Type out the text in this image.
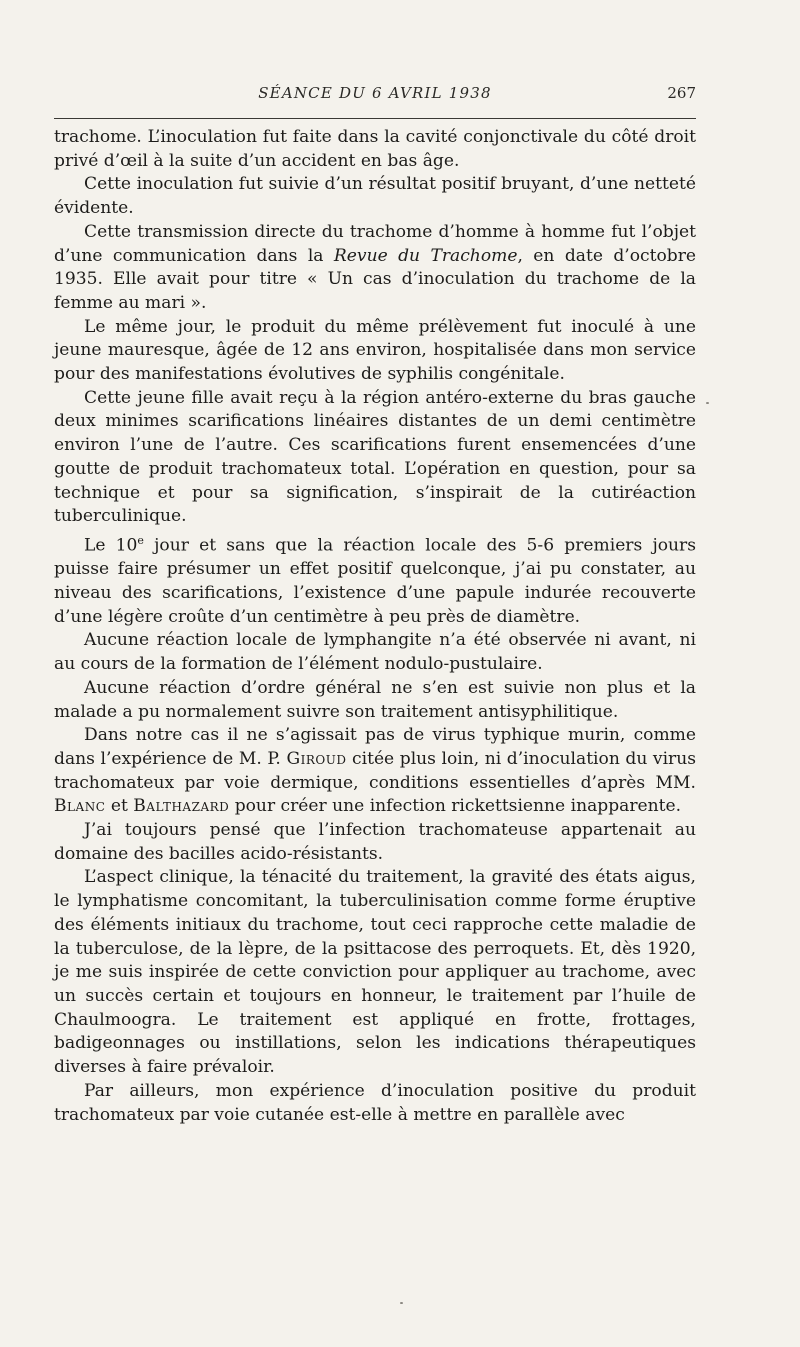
SÉANCE DU 6 AVRIL 1938	267

trachome. L’inoculation fut faite dans la cavité conjonctivale du côté droit privé d’œil à la suite d’un accident en bas âge.

Cette inoculation fut suivie d’un résultat positif bruyant, d’une netteté évidente.

Cette transmission directe du trachome d’homme à homme fut l’objet d’une communication dans la Revue du Trachome, en date d’octobre 1935. Elle avait pour titre « Un cas d’inoculation du trachome de la femme au mari ».

Le même jour, le produit du même prélèvement fut inoculé à une jeune mauresque, âgée de 12 ans environ, hospitalisée dans mon service pour des manifestations évolutives de syphilis congénitale.

Cette jeune fille avait reçu à la région antéro-externe du bras gauche deux minimes scarifications linéaires distantes de un demi centimètre environ l’une de l’autre. Ces scarifications furent ensemencées d’une goutte de produit trachomateux total. L’opération en question, pour sa technique et pour sa signification, s’inspirait de la cutiréaction tuberculinique.

Le 10e jour et sans que la réaction locale des 5-6 premiers jours puisse faire présumer un effet positif quelconque, j’ai pu constater, au niveau des scarifications, l’existence d’une papule indurée recouverte d’une légère croûte d’un centimètre à peu près de diamètre.

Aucune réaction locale de lymphangite n’a été observée ni avant, ni au cours de la formation de l’élément nodulo-pustulaire.

Aucune réaction d’ordre général ne s’en est suivie non plus et la malade a pu normalement suivre son traitement antisyphilitique.

Dans notre cas il ne s’agissait pas de virus typhique murin, comme dans l’expérience de M. P. Giroud citée plus loin, ni d’inoculation du virus trachomateux par voie dermique, conditions essentielles d’après MM. Blanc et Balthazard pour créer une infection rickettsienne inapparente.

J’ai toujours pensé que l’infection trachomateuse appartenait au domaine des bacilles acido-résistants.

L’aspect clinique, la ténacité du traitement, la gravité des états aigus, le lymphatisme concomitant, la tuberculinisation comme forme éruptive des éléments initiaux du trachome, tout ceci rapproche cette maladie de la tuberculose, de la lèpre, de la psittacose des perroquets. Et, dès 1920, je me suis inspirée de cette conviction pour appliquer au trachome, avec un succès certain et toujours en honneur, le traitement par l’huile de Chaulmoogra. Le traitement est appliqué en frotte, frottages, badigeonnages ou instillations, selon les indications thérapeutiques diverses à faire prévaloir.

Par ailleurs, mon expérience d’inoculation positive du produit trachomateux par voie cutanée est-elle à mettre en parallèle avec
